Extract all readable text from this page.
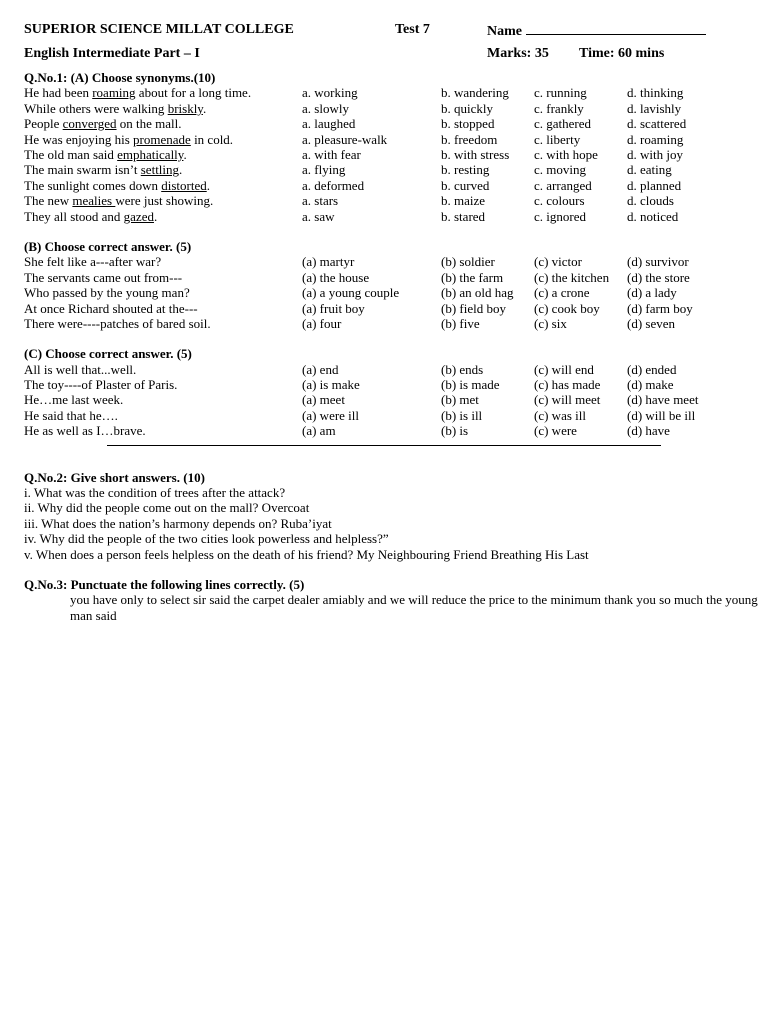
SUPERIOR SCIENCE MILLAT COLLEGE	Test 7	Name
English Intermediate Part – I	Marks: 35 Time: 60 mins
Q.No.1: (A) Choose synonyms.(10)
He had been roaming about for a long time.	a. working	b. wandering c. running	d. thinking
While others were walking briskly.	a. slowly	b. quickly	c. frankly	d. lavishly
People converged on the mall.	a. laughed	b. stopped	c. gathered	d. scattered
He was enjoying his promenade in cold.	a. pleasure-walk	b. freedom	c. liberty	d. roaming
The old man said emphatically.	a. with fear	b. with stress c. with hope d. with joy
The main swarm isn’t settling.	a. flying	b. resting	c. moving	d. eating
The sunlight comes down distorted.	a. deformed	b. curved	c. arranged	d. planned
The new mealies were just showing.	a. stars	b. maize	c. colours	d. clouds
They all stood and gazed.	a. saw	b. stared	c. ignored	d. noticed
(B) Choose correct answer. (5)
She felt like a---after war?	(a) martyr	(b) soldier	(c) victor	(d) survivor
The servants came out from---	(a) the house	(b) the farm (c) the kitchen (d) the store
Who passed by the young man?	(a) a young couple	(b) an old hag (c) a crone	(d) a lady
At once Richard shouted at the---	(a) fruit boy	(b) field boy (c) cook boy (d) farm boy
There were----patches of bared soil.	(a) four	(b) five	(c) six	(d) seven
(C) Choose correct answer. (5)
All is well that...well.	(a) end	(b) ends	(c) will end	(d) ended
The toy----of Plaster of Paris.	(a) is make	(b) is made	(c) has made (d) make
He…me last week.	(a) meet	(b) met	(c) will meet (d) have meet
He said that he….	(a) were ill	(b) is ill	(c) was ill	(d) will be ill
He as well as I…brave.	(a) am	(b) is	(c) were	(d) have
Q.No.2: Give short answers. (10)
i. What was the condition of trees after the attack?
ii. Why did the people come out on the mall? Overcoat
iii. What does the nation’s harmony depends on? Ruba’iyat
iv. Why did the people of the two cities look powerless and helpless?”
v. When does a person feels helpless on the death of his friend? My Neighbouring Friend Breathing His Last
Q.No.3: Punctuate the following lines correctly. (5)
you have only to select sir said the carpet dealer amiably and we will reduce the price to the minimum thank you so much the young man said
